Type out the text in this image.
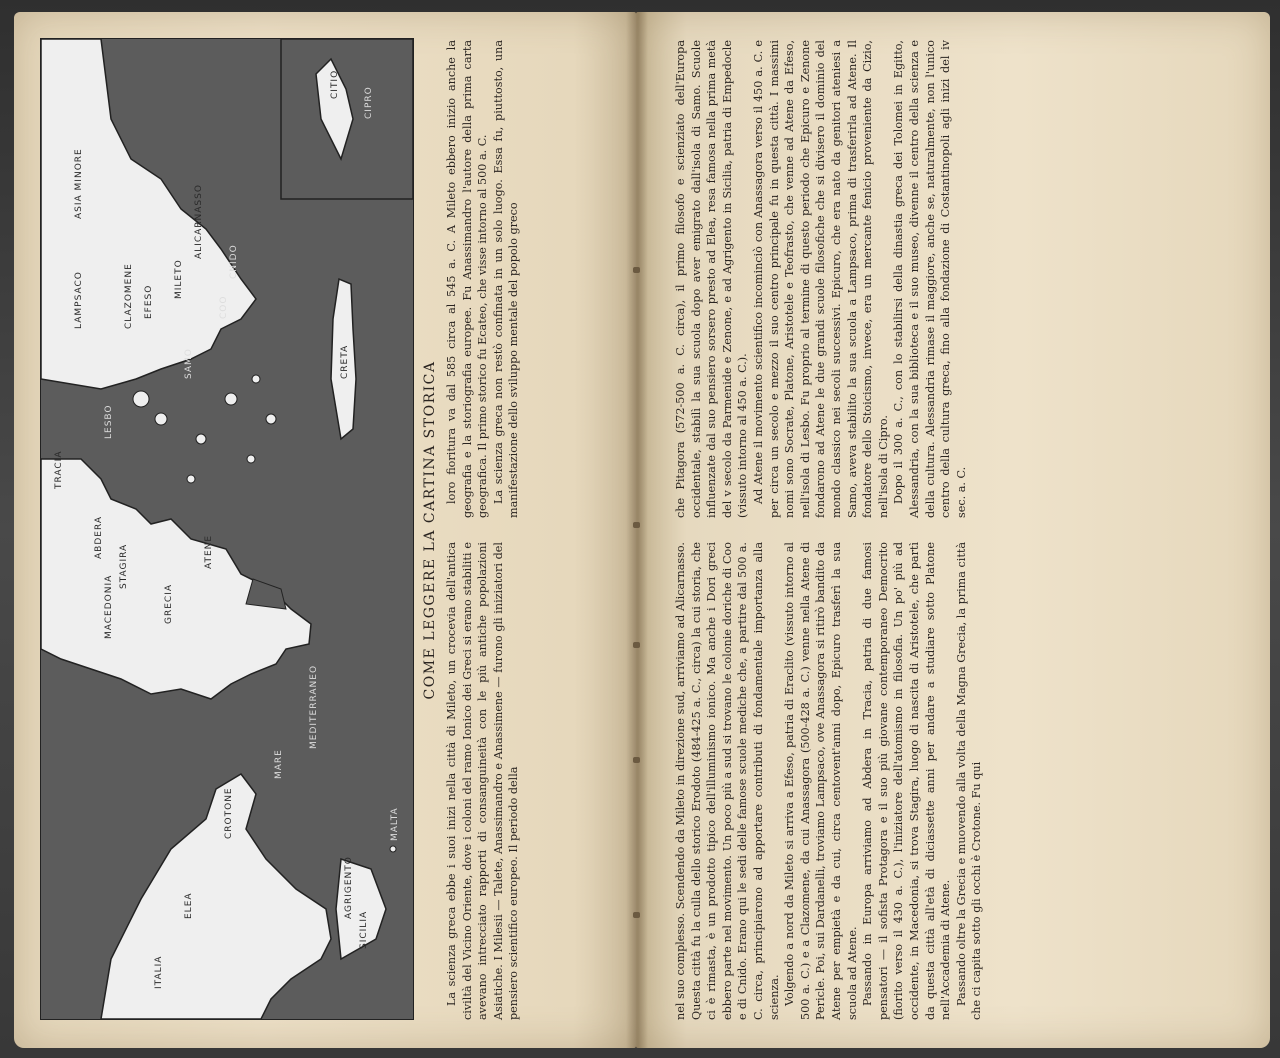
TRACIA
ABDERA
MACEDONIA
STAGIRA
GRECIA
ATENE
LESBO
LAMPSACO
ASIA MINORE
CLAZOMENE EFESO
SAMO
MILETO
ALICARNASSO
COO
CNIDO
CRETA
CIPRO
CITIO
MARE
MEDITERRANEO
ITALIA
ELEA
CROTONE
SICILIA
AGRIGENTO
MALTA
COME LEGGERE LA CARTINA STORICA

La scienza greca ebbe i suoi inizi nella città di Mileto, un crocevia dell'antica civiltà del Vicino Oriente, dove i coloni del ramo Ionico dei Greci si erano stabiliti e avevano intrecciato rapporti di consanguineità con le più antiche popolazioni Asiatiche. I Milesii — Talete, Anassimandro e Anassimene — furono gli iniziatori del pensiero scientifico europeo. Il periodo della

loro fioritura va dal 585 circa al 545 a. C. A Mileto ebbero inizio anche la geografia e la storiografia europee. Fu Anassimandro l'autore della prima carta geografica. Il primo storico fu Ecateo, che visse intorno al 500 a. C. La scienza greca non restò confinata in un solo luogo. Essa fu, piuttosto, una manifestazione dello sviluppo mentale del popolo greco

nel suo complesso. Scendendo da Mileto in direzione sud, arriviamo ad Alicarnasso. Questa città fu la culla dello storico Erodoto (484-425 a. C., circa) la cui storia, che ci è rimasta, è un prodotto tipico dell'illuminismo ionico. Ma anche i Dori greci ebbero parte nel movimento. Un poco più a sud si trovano le colonie doriche di Coo e di Cnido. Erano qui le sedi delle famose scuole mediche che, a partire dal 500 a. C. circa, principiarono ad apportare contributi di fondamentale importanza alla scienza. Volgendo a nord da Mileto si arriva a Efeso, patria di Eraclito (vissuto intorno al 500 a. C.) e a Clazomene, da cui Anassagora (500-428 a. C.) venne nella Atene di Pericle. Poi, sui Dardanelli, troviamo Lampsaco, ove Anassagora si ritirò bandito da Atene per empietà e da cui, circa centovent'anni dopo, Epicuro trasferì la sua scuola ad Atene. Passando in Europa arriviamo ad Abdera in Tracia, patria di due famosi pensatori — il sofista Protagora e il suo più giovane contemporaneo Democrito (fiorito verso il 430 a. C.), l'iniziatore dell'atomismo in filosofia. Un po' più ad occidente, in Macedonia, si trova Stagira, luogo di nascita di Aristotele, che partì da questa città all'età di diciassette anni per andare a studiare sotto Platone nell'Accademia di Atene. Passando oltre la Grecia e muovendo alla volta della Magna Grecia, la prima città che ci capita sotto gli occhi è Crotone. Fu qui

che Pitagora (572-500 a. C. circa), il primo filosofo e scienziato dell'Europa occidentale, stabilì la sua scuola dopo aver emigrato dall'isola di Samo. Scuole influenzate dal suo pensiero sorsero presto ad Elea, resa famosa nella prima metà del v secolo da Parmenide e Zenone, e ad Agrigento in Sicilia, patria di Empedocle (vissuto intorno al 450 a. C.). Ad Atene il movimento scientifico incominciò con Anassagora verso il 450 a. C. e per circa un secolo e mezzo il suo centro principale fu in questa città. I massimi nomi sono Socrate, Platone, Aristotele e Teofrasto, che venne ad Atene da Efeso, nell'isola di Lesbo. Fu proprio al termine di questo periodo che Epicuro e Zenone fondarono ad Atene le due grandi scuole filosofiche che si divisero il dominio del mondo classico nei secoli successivi. Epicuro, che era nato da genitori ateniesi a Samo, aveva stabilito la sua scuola a Lampsaco, prima di trasferirla ad Atene. Il fondatore dello Stoicismo, invece, era un mercante fenicio proveniente da Cizio, nell'isola di Cipro. Dopo il 300 a. C., con lo stabilirsi della dinastia greca dei Tolomei in Egitto, Alessandria, con la sua biblioteca e il suo museo, divenne il centro della scienza e della cultura. Alessandria rimase il maggiore, anche se, naturalmente, non l'unico centro della cultura greca, fino alla fondazione di Costantinopoli agli inizi del iv sec. a. C.
